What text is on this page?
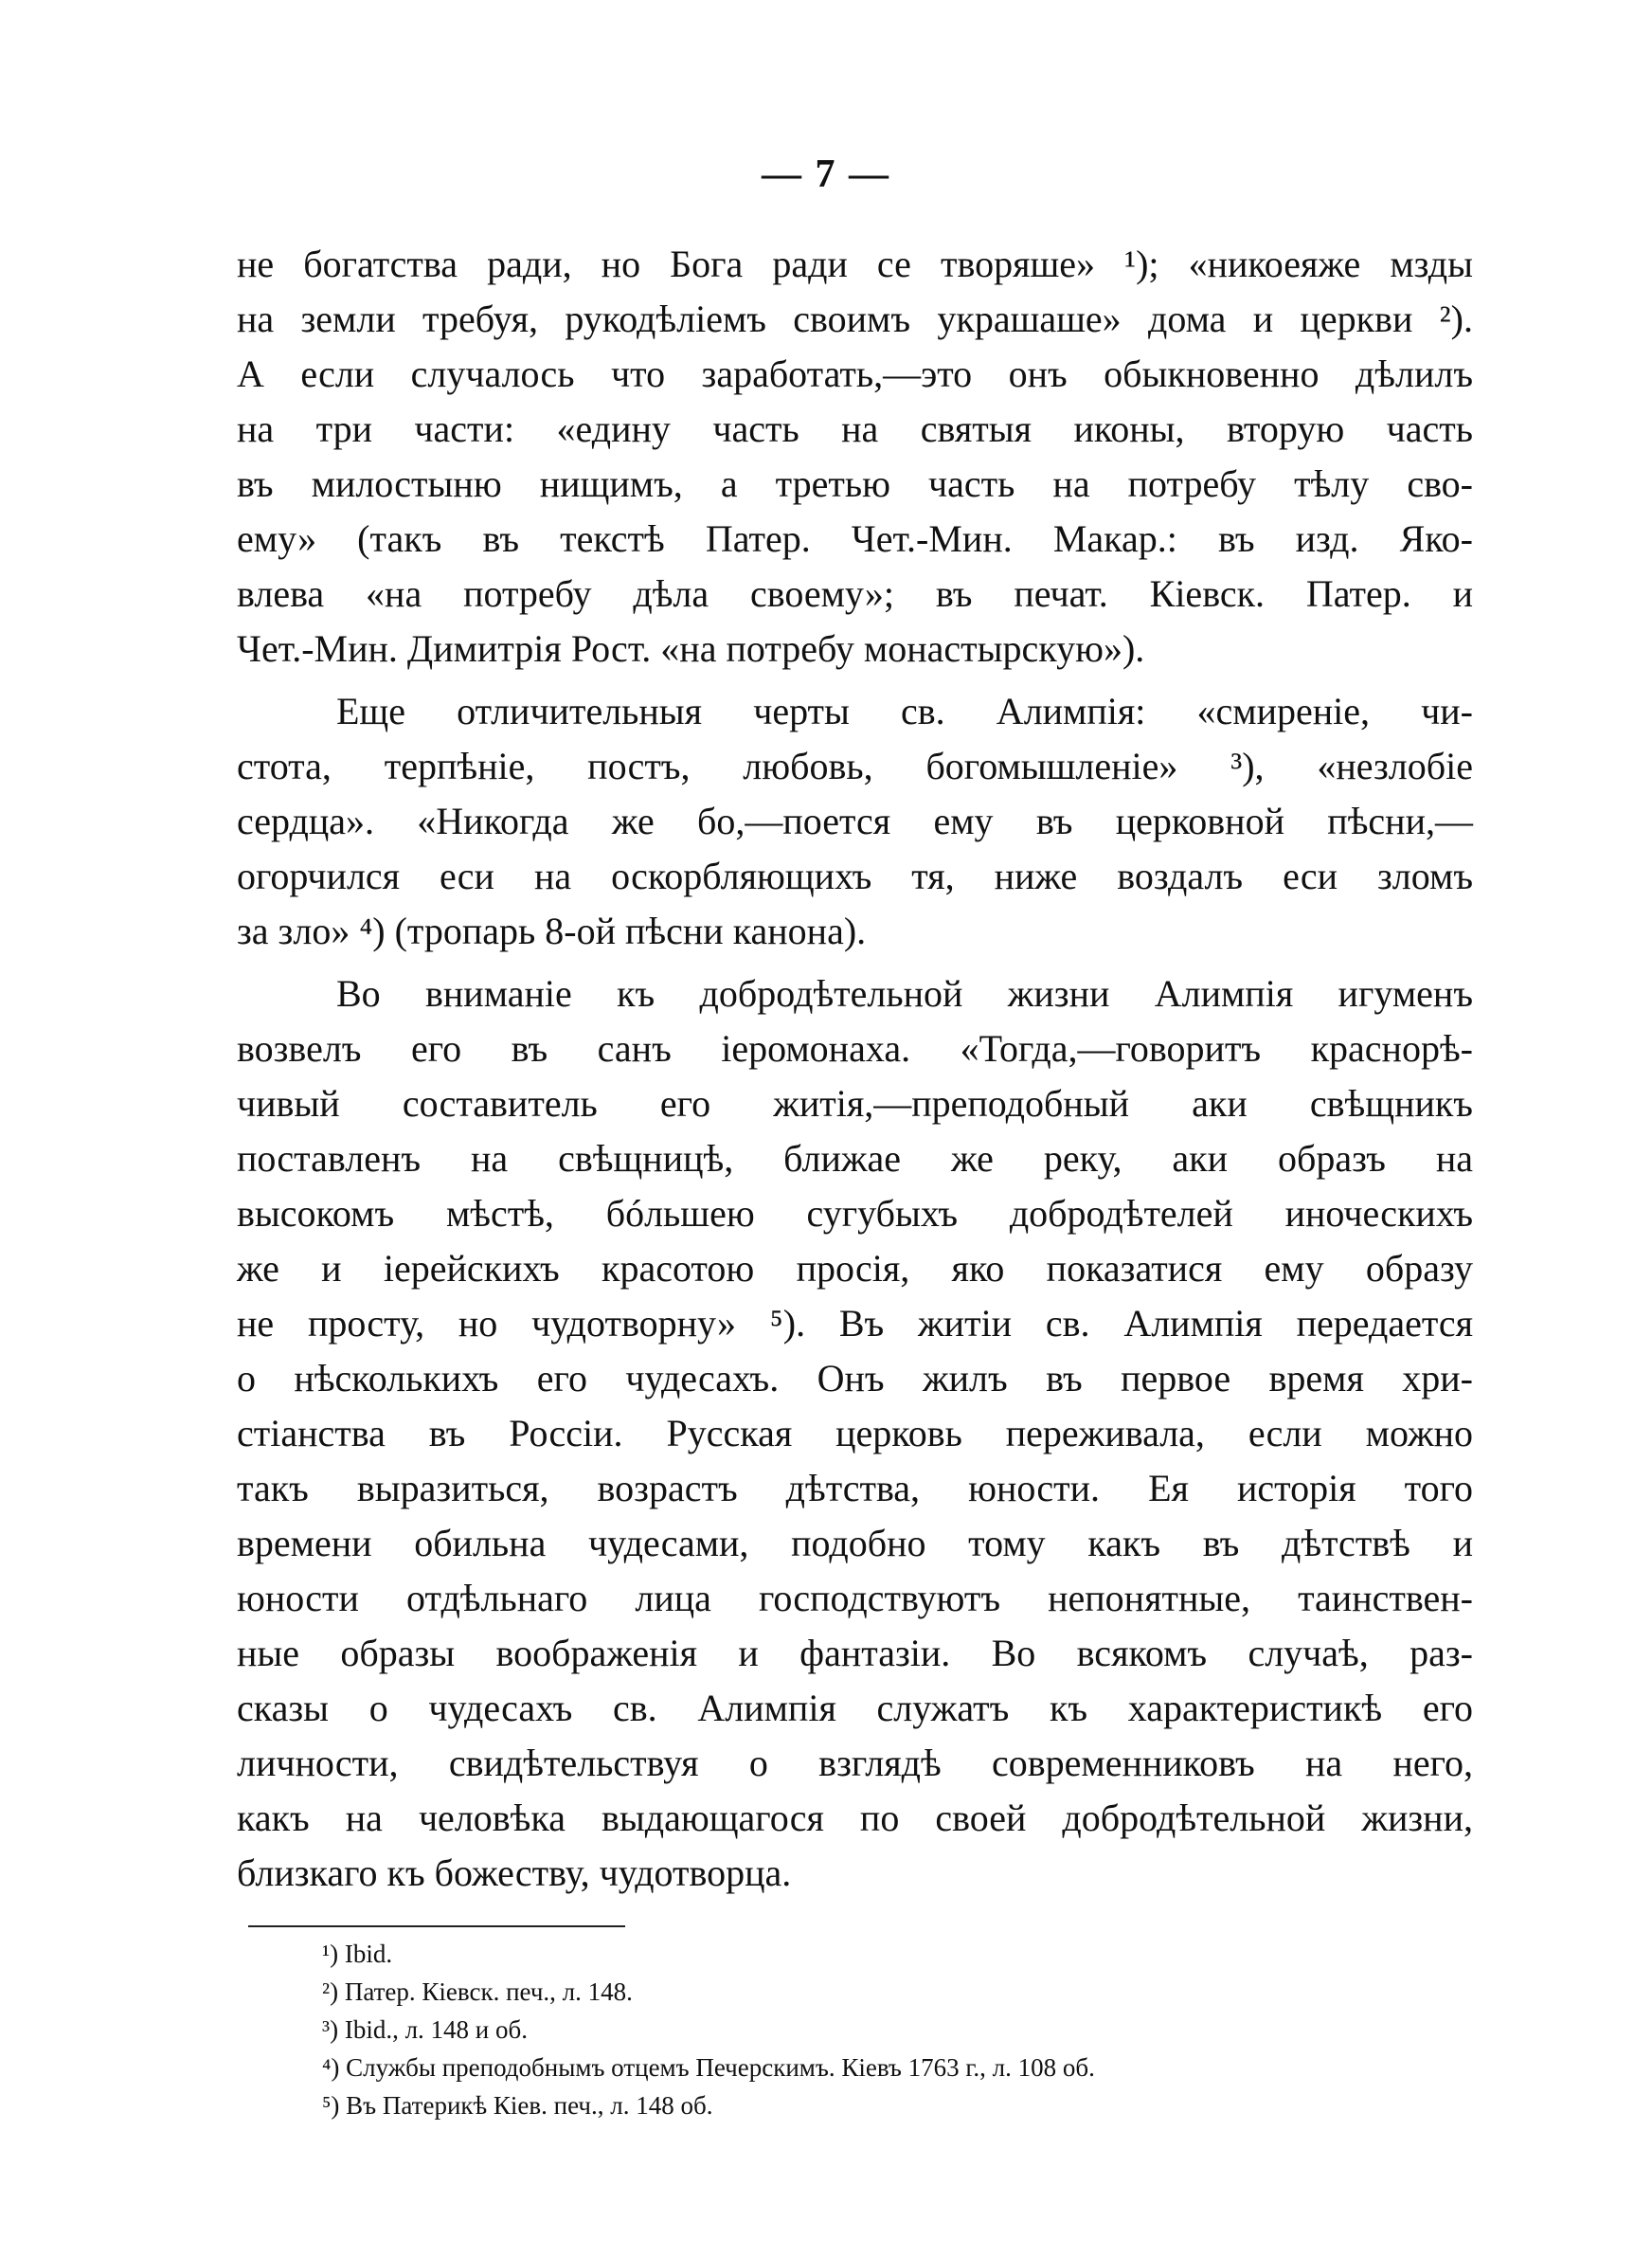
— 7 —
не богатства ради, но Бога ради се творяше» ¹); «никоеяже мзды
на земли требуя, рукодѣліемъ своимъ украшаше» дома и церкви ²).
А если случалось что заработать,—это онъ обыкновенно дѣлилъ
на три части: «едину часть на святыя иконы, вторую часть
въ милостыню нищимъ, а третью часть на потребу тѣлу сво-
ему» (такъ въ текстѣ Патер. Чет.-Мин. Макар.: въ изд. Яко-
влева «на потребу дѣла своему»; въ печат. Кіевск. Патер. и
Чет.-Мин. Димитрія Рост. «на потребу монастырскую»).
Еще отличительныя черты св. Алимпія: «смиреніе, чи-
стота, терпѣніе, постъ, любовь, богомышленіе» ³), «незлобіе
сердца». «Никогда же бо,—поется ему въ церковной пѣсни,—
огорчился еси на оскорбляющихъ тя, ниже воздалъ еси зломъ
за зло» ⁴) (тропарь 8-ой пѣсни канона).
Во вниманіе къ добродѣтельной жизни Алимпія игуменъ
возвелъ его въ санъ іеромонаха. «Тогда,—говоритъ краснорѣ-
чивый составитель его житія,—преподобный аки свѣщникъ
поставленъ на свѣщницѣ, ближае же реку, аки образъ на
высокомъ мѣстѣ, бóльшею сугубыхъ добродѣтелей иноческихъ
же и іерейскихъ красотою просія, яко показатися ему образу
не просту, но чудотворну» ⁵). Въ житіи св. Алимпія передается
о нѣсколькихъ его чудесахъ. Онъ жилъ въ первое время хри-
стіанства въ Россіи. Русская церковь переживала, если можно
такъ выразиться, возрастъ дѣтства, юности. Ея исторія того
времени обильна чудесами, подобно тому какъ въ дѣтствѣ и
юности отдѣльнаго лица господствуютъ непонятные, таинствен-
ные образы воображенія и фантазіи. Во всякомъ случаѣ, раз-
сказы о чудесахъ св. Алимпія служатъ къ характеристикѣ его
личности, свидѣтельствуя о взглядѣ современниковъ на него,
какъ на человѣка выдающагося по своей добродѣтельной жизни,
близкаго къ божеству, чудотворца.
¹) Ibid.
²) Патер. Кіевск. печ., л. 148.
³) Ibid., л. 148 и об.
⁴) Службы преподобнымъ отцемъ Печерскимъ. Кіевъ 1763 г., л. 108 об.
⁵) Въ Патерикѣ Кіев. печ., л. 148 об.
